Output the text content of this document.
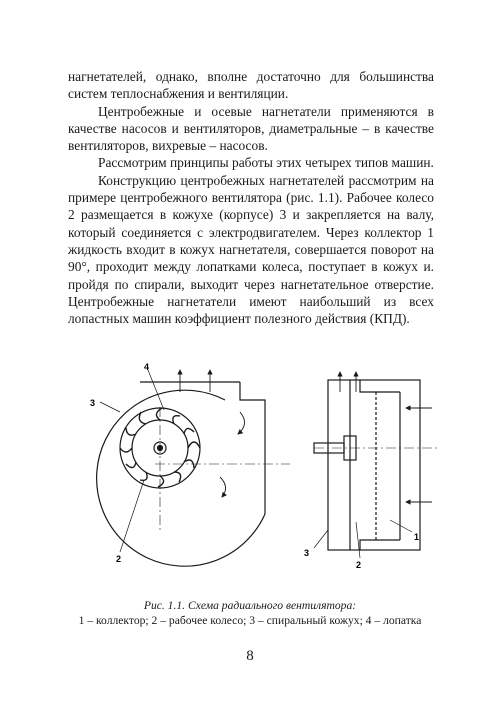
нагнетателей, однако, вполне достаточно для большинства систем теплоснабжения и вентиляции.

Центробежные и осевые нагнетатели применяются в качестве насосов и вентиляторов, диаметральные – в качестве вентиляторов, вихревые – насосов.

Рассмотрим принципы работы этих четырех типов машин.

Конструкцию центробежных нагнетателей рассмотрим на примере центробежного вентилятора (рис. 1.1). Рабочее колесо 2 размещается в кожухе (корпусе) 3 и закрепляется на валу, который соединяется с электродвигателем. Через коллектор 1 жидкость входит в кожух нагнетателя, совершается поворот на 90°, проходит между лопатками колеса, поступает в кожух и. пройдя по спирали, выходит через нагнетательное отверстие. Центробежные нагнетатели имеют наибольший из всех лопастных машин коэффициент полезного действия (КПД).

4
3
2
3
2
1
Рис. 1.1. Схема радиального вентилятора:
1 – коллектор; 2 – рабочее колесо; 3 – спиральный кожух; 4 – лопатка
8
